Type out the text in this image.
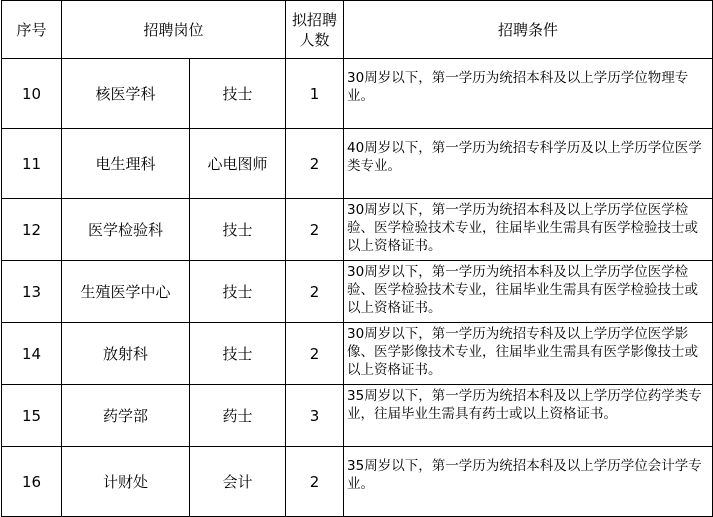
序号	招聘岗位		拟招聘人数	招聘条件
10	核医学科	技士	1	30周岁以下，第一学历为统招本科及以上学历学位物理专业。
11	电生理科	心电图师	2	40周岁以下，第一学历为统招专科学历及以上学历学位医学类专业。
12	医学检验科	技士	2	30周岁以下，第一学历为统招本科及以上学历学位医学检验、医学检验技术专业，往届毕业生需具有医学检验技士或以上资格证书。
13	生殖医学中心	技士	2	30周岁以下，第一学历为统招本科及以上学历学位医学检验、医学检验技术专业，往届毕业生需具有医学检验技士或以上资格证书。
14	放射科	技士	2	30周岁以下，第一学历为统招专科及以上学历学位医学影像、医学影像技术专业，往届毕业生需具有医学影像技士或以上资格证书。
15	药学部	药士	3	35周岁以下，第一学历为统招本科及以上学历学位药学类专业，往届毕业生需具有药士或以上资格证书。
16	计财处	会计	2	35周岁以下，第一学历为统招本科及以上学历学位会计学专业。
